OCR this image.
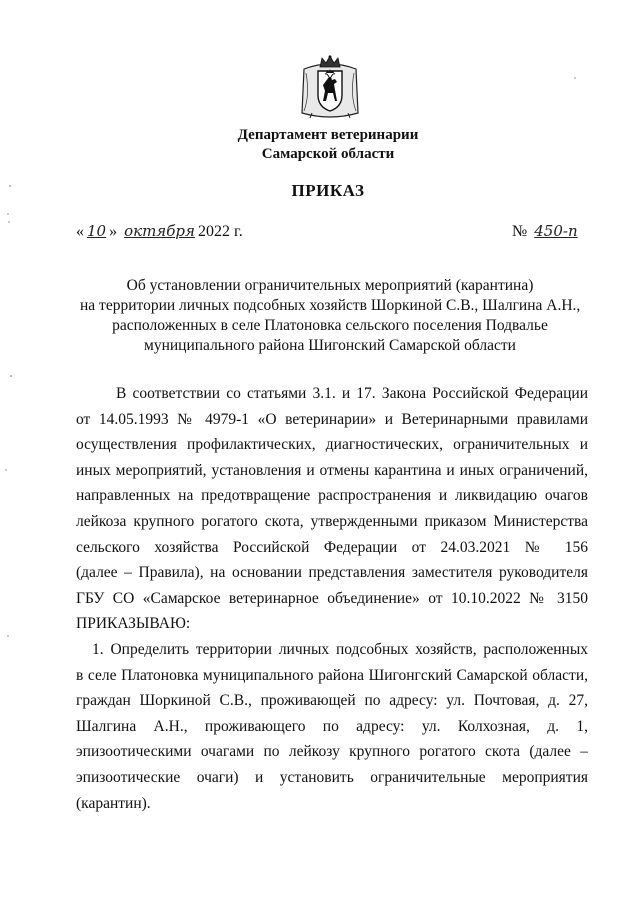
Департамент ветеринарии
Самарской области
ПРИКАЗ
« 10 » октября 2022 г.	№ 450-п
Об установлении ограничительных мероприятий (карантина)
на территории личных подсобных хозяйств Шоркиной С.В., Шалгина А.Н.,
расположенных в селе Платоновка сельского поселения Подвалье
муниципального района Шигонский Самарской области
В соответствии со статьями 3.1. и 17. Закона Российской Федерации
от 14.05.1993 № 4979-1 «О ветеринарии» и Ветеринарными правилами
осуществления профилактических, диагностических, ограничительных и
иных мероприятий, установления и отмены карантина и иных ограничений,
направленных на предотвращение распространения и ликвидацию очагов
лейкоза крупного рогатого скота, утвержденными приказом Министерства
сельского хозяйства Российской Федерации от 24.03.2021 № 156
(далее – Правила), на основании представления заместителя руководителя
ГБУ СО «Самарское ветеринарное объединение» от 10.10.2022 № 3150
ПРИКАЗЫВАЮ:
1. Определить территории личных подсобных хозяйств, расположенных
в селе Платоновка муниципального района Шигонгский Самарской области,
граждан Шоркиной С.В., проживающей по адресу: ул. Почтовая, д. 27,
Шалгина А.Н., проживающего по адресу: ул. Колхозная, д. 1,
эпизоотическими очагами по лейкозу крупного рогатого скота (далее –
эпизоотические очаги) и установить ограничительные мероприятия
(карантин).
